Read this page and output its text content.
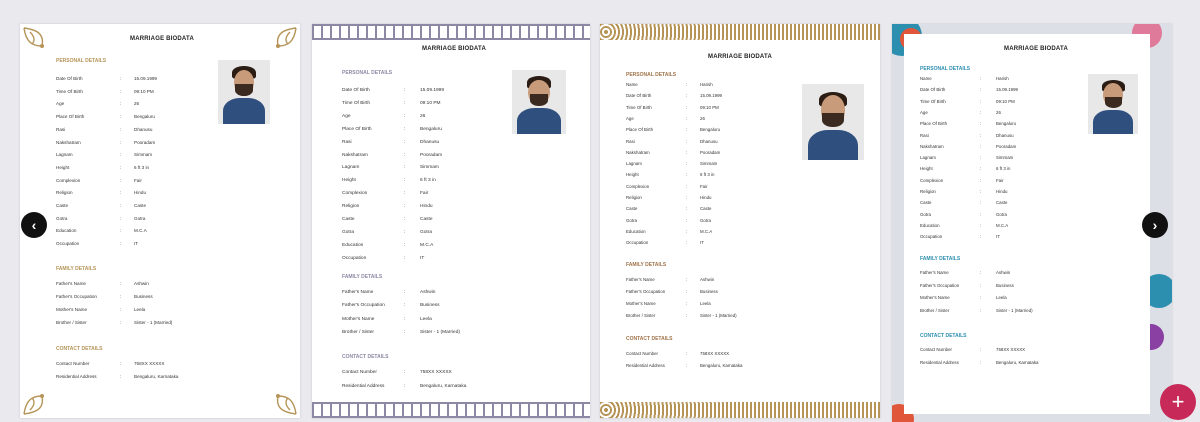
MARRIAGE BIODATA
PERSONAL DETAILS
Date Of Birth	:	15.09.1999
Time Of Birth	:	09:10 PM
Age	:	26
Place Of Birth	:	Bengaluru
Rasi	:	Dhanusu
Nakshatram	:	Pooradam
Lagnam	:	Simmam
Height	:	6 ft 3 in
Complexion	:	Fair
Religion	:	Hindu
Caste	:	Caste
Gotra	:	Gotra
Education	:	M.C.A
Occupation	:	IT
FAMILY DETAILS
Father's Name	:	Ashwin
Father's Occupation	:	Business
Mother's Name	:	Leela
Brother / Sister	:	Sister - 1 (Married)
CONTACT DETAILS
Contact Number	:	758XX XXXXX
Residential Address	:	Bengaluru, Karnataka
MARRIAGE BIODATA
PERSONAL DETAILS
Date Of Birth	:	15.09.1999
Time Of Birth	:	09:10 PM
Age	:	26
Place Of Birth	:	Bengaluru
Rasi	:	Dhanusu
Nakshatram	:	Pooradam
Lagnam	:	Simmam
Height	:	6 ft 3 in
Complexion	:	Fair
Religion	:	Hindu
Caste	:	Caste
Gotra	:	Gotra
Education	:	M.C.A
Occupation	:	IT
FAMILY DETAILS
Father's Name	:	Ashwin
Father's Occupation	:	Business
Mother's Name	:	Leela
Brother / Sister	:	Sister - 1 (Married)
CONTACT DETAILS
Contact Number	:	758XX XXXXX
Residential Address	:	Bengaluru, Karnataka
MARRIAGE BIODATA
PERSONAL DETAILS
Name	:	Harish
Date Of Birth	:	15.09.1999
Time Of Birth	:	09:10 PM
Age	:	26
Place Of Birth	:	Bengaluru
Rasi	:	Dhanusu
Nakshatram	:	Pooradam
Lagnam	:	Simmam
Height	:	6 ft 3 in
Complexion	:	Fair
Religion	:	Hindu
Caste	:	Caste
Gotra	:	Gotra
Education	:	M.C.A
Occupation	:	IT
FAMILY DETAILS
Father's Name	:	Ashwin
Father's Occupation	:	Business
Mother's Name	:	Leela
Brother / Sister	:	Sister - 1 (Married)
CONTACT DETAILS
Contact Number	:	758XX XXXXX
Residential Address	:	Bengaluru, Karnataka
MARRIAGE BIODATA
PERSONAL DETAILS
Name	:	Harish
Date Of Birth	:	15.09.1999
Time Of Birth	:	09:10 PM
Age	:	26
Place Of Birth	:	Bengaluru
Rasi	:	Dhanusu
Nakshatram	:	Pooradam
Lagnam	:	Simmam
Height	:	6 ft 3 in
Complexion	:	Fair
Religion	:	Hindu
Caste	:	Caste
Gotra	:	Gotra
Education	:	M.C.A
Occupation	:	IT
FAMILY DETAILS
Father's Name	:	Ashwin
Father's Occupation	:	Business
Mother's Name	:	Leela
Brother / Sister	:	Sister - 1 (Married)
CONTACT DETAILS
Contact Number	:	758XX XXXXX
Residential Address	:	Bengaluru, Karnataka
‹	›
+
